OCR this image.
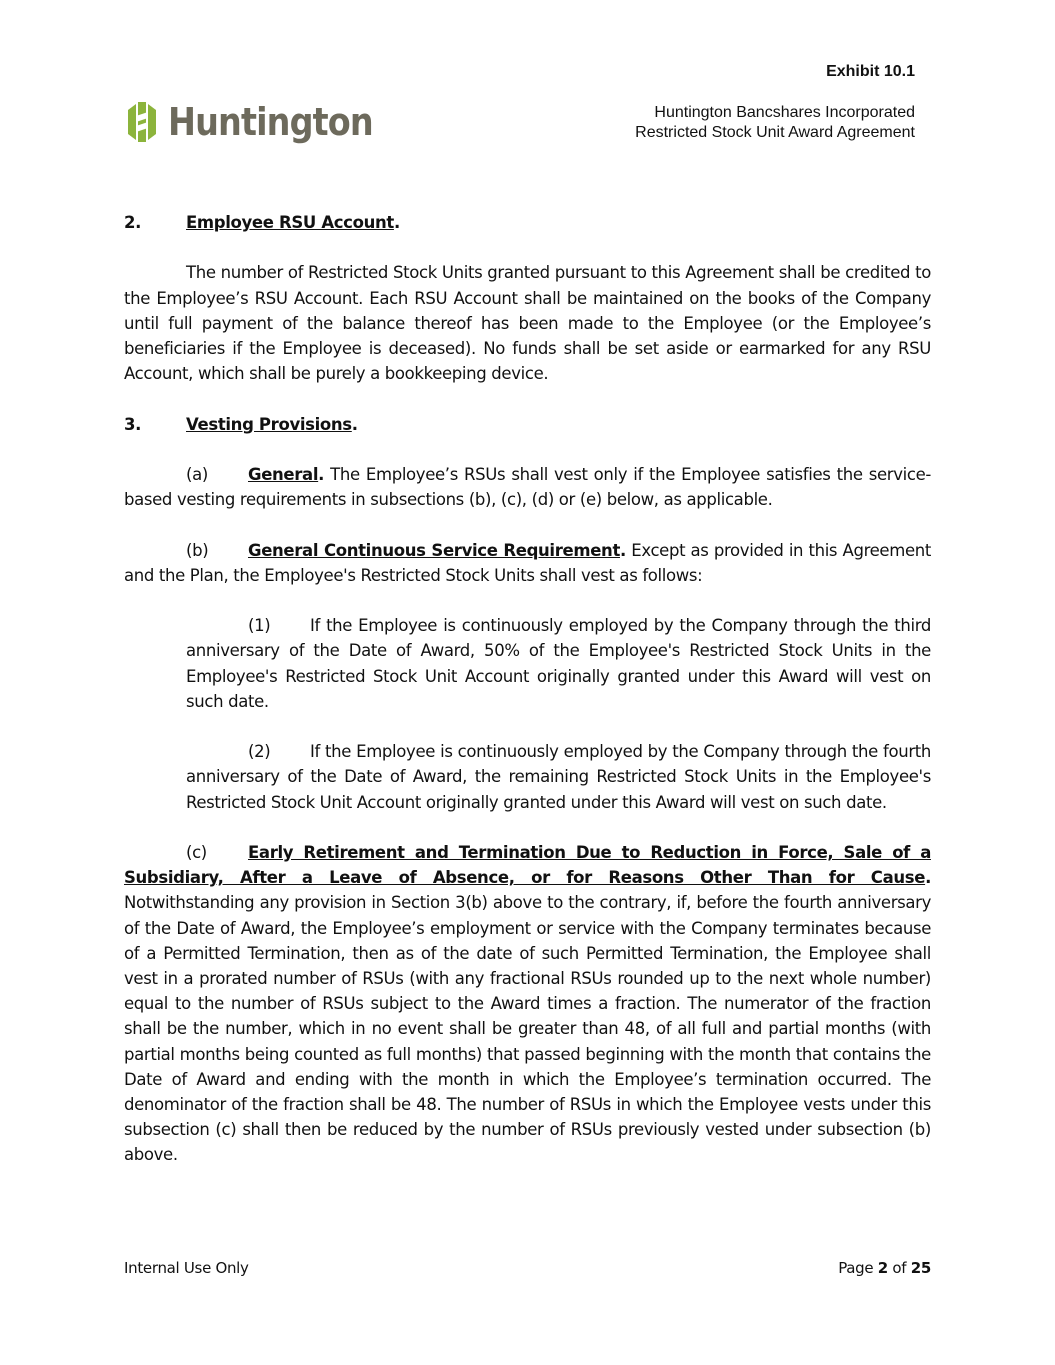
Exhibit 10.1
Huntington	Huntington Bancshares Incorporated
Restricted Stock Unit Award Agreement

2.	Employee RSU Account.

The number of Restricted Stock Units granted pursuant to this Agreement shall be credited to the Employee’s RSU Account. Each RSU Account shall be maintained on the books of the Company until full payment of the balance thereof has been made to the Employee (or the Employee’s beneficiaries if the Employee is deceased). No funds shall be set aside or earmarked for any RSU Account, which shall be purely a bookkeeping device.

3.	Vesting Provisions.

(a) General. The Employee’s RSUs shall vest only if the Employee satisfies the service-based vesting requirements in subsections (b), (c), (d) or (e) below, as applicable.

(b) General Continuous Service Requirement. Except as provided in this Agreement and the Plan, the Employee's Restricted Stock Units shall vest as follows:

(1) If the Employee is continuously employed by the Company through the third anniversary of the Date of Award, 50% of the Employee's Restricted Stock Units in the Employee's Restricted Stock Unit Account originally granted under this Award will vest on such date.

(2) If the Employee is continuously employed by the Company through the fourth anniversary of the Date of Award, the remaining Restricted Stock Units in the Employee's Restricted Stock Unit Account originally granted under this Award will vest on such date.

(c) Early Retirement and Termination Due to Reduction in Force, Sale of a Subsidiary, After a Leave of Absence, or for Reasons Other Than for Cause. Notwithstanding any provision in Section 3(b) above to the contrary, if, before the fourth anniversary of the Date of Award, the Employee’s employment or service with the Company terminates because of a Permitted Termination, then as of the date of such Permitted Termination, the Employee shall vest in a prorated number of RSUs (with any fractional RSUs rounded up to the next whole number) equal to the number of RSUs subject to the Award times a fraction. The numerator of the fraction shall be the number, which in no event shall be greater than 48, of all full and partial months (with partial months being counted as full months) that passed beginning with the month that contains the Date of Award and ending with the month in which the Employee’s termination occurred. The denominator of the fraction shall be 48. The number of RSUs in which the Employee vests under this subsection (c) shall then be reduced by the number of RSUs previously vested under subsection (b) above.

Internal Use Only	Page 2 of 25
